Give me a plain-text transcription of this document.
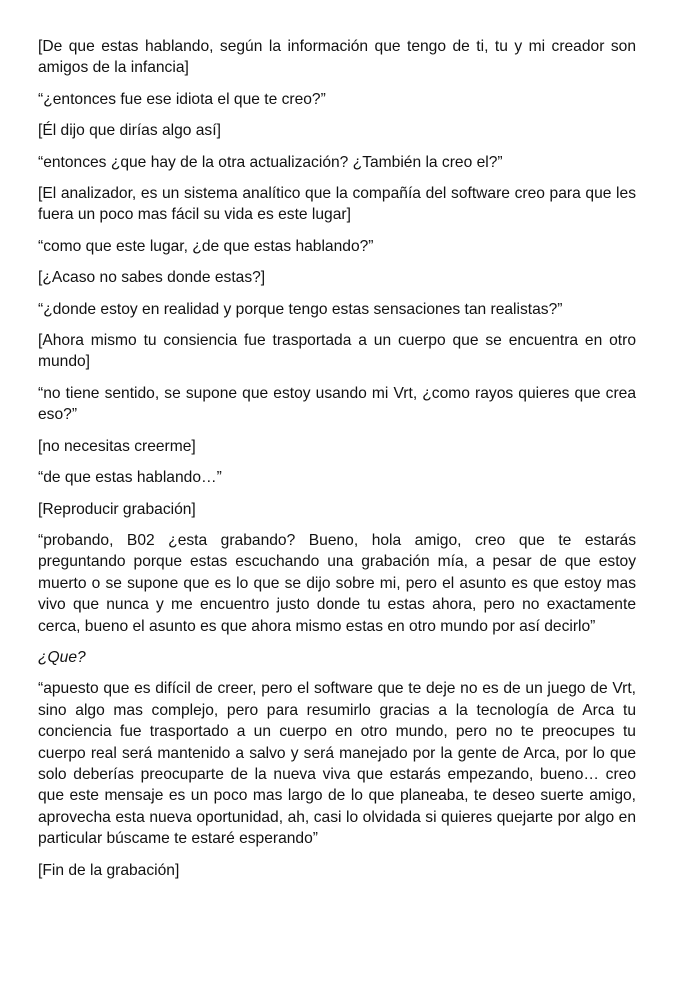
[De que estas hablando, según la información que tengo de ti, tu y mi creador son amigos de la infancia]

“¿entonces fue ese idiota el que te creo?”

[Él dijo que dirías algo así]

“entonces ¿que hay de la otra actualización? ¿También la creo el?”

[El analizador, es un sistema analítico que la compañía del software creo para que les fuera un poco mas fácil su vida es este lugar]

“como que este lugar, ¿de que estas hablando?”

[¿Acaso no sabes donde estas?]

“¿donde estoy en realidad y porque tengo estas sensaciones tan realistas?”

[Ahora mismo tu consiencia fue trasportada a un cuerpo que se encuentra en otro mundo]

“no tiene sentido, se supone que estoy usando mi Vrt, ¿como rayos quieres que crea eso?”

[no necesitas creerme]

“de que estas hablando…”

[Reproducir grabación]

“probando, B02 ¿esta grabando? Bueno, hola amigo, creo que te estarás preguntando porque estas escuchando una grabación mía, a pesar de que estoy muerto o se supone que es lo que se dijo sobre mi, pero el asunto es que estoy mas vivo que nunca y me encuentro justo donde tu estas ahora, pero no exactamente cerca, bueno el asunto es que ahora mismo estas en otro mundo por así decirlo”

¿Que?

“apuesto que es difícil de creer, pero el software que te deje no es de un juego de Vrt, sino algo mas complejo, pero para resumirlo gracias a la tecnología de Arca tu conciencia fue trasportado a un cuerpo en otro mundo, pero no te preocupes tu cuerpo real será mantenido a salvo y será manejado por la gente de Arca, por lo que solo deberías preocuparte de la nueva viva que estarás empezando, bueno… creo que este mensaje es un poco mas largo de lo que planeaba, te deseo suerte amigo, aprovecha esta nueva oportunidad, ah, casi lo olvidada si quieres quejarte por algo en particular búscame te estaré esperando”

[Fin de la grabación]
